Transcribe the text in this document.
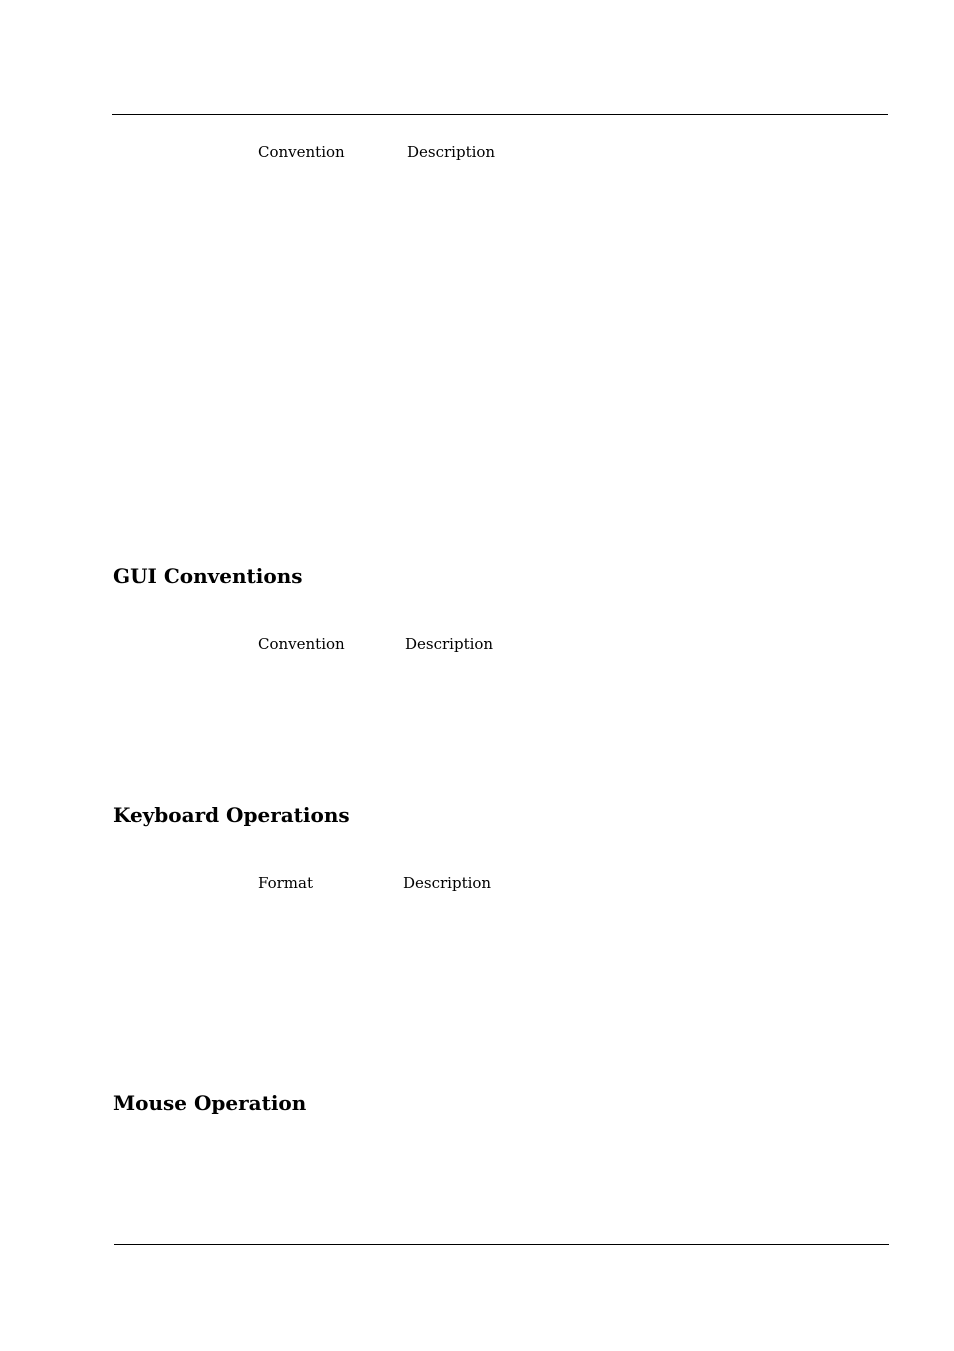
Convention	Description
GUI Conventions
Convention	Description
Keyboard Operations
Format	Description
Mouse Operation
